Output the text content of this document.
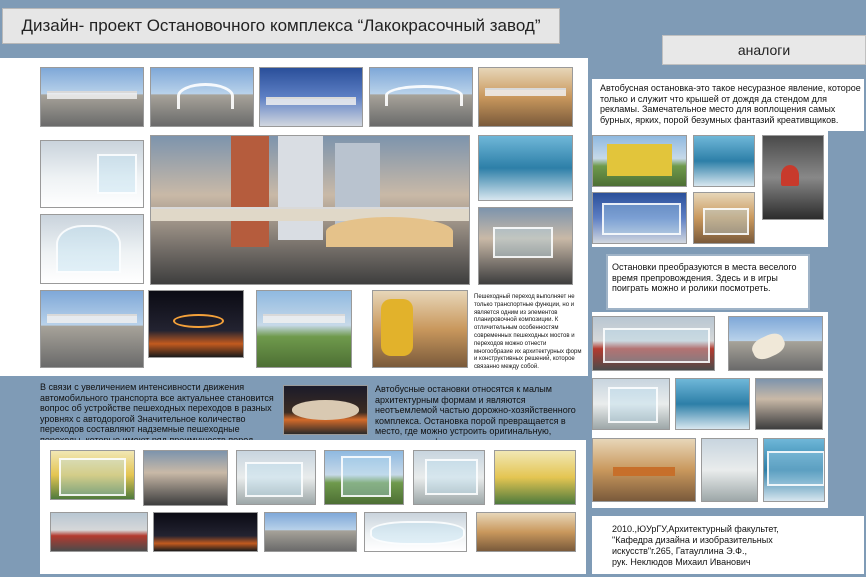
Дизайн- проект Остановочного комплекса “Лакокрасочный завод”
аналоги
Пешеходный переход выполняет не только транспортные функции, но и является одним из элементов планировочной композиции. К отличительным особенностям современных пешеходных мостов и переходов можно отнести многообразие их архитектурных форм и конструктивных решений, которое связанно между собой.
В связи с увеличением интенсивности движения автомобильного транспорта все актуальнее становится вопрос об устройстве пешеходных переходов в разных уровнях с автодорогой Значительное количество переходов составляют надземные пешеходные
Автобусные остановки относятся к малым архитектурным формам и являются неотъемлемой частью дорожно-хозяйственного комплекса. Остановка порой превращается в место, где можно устроить оригинальную,
Автобусная остановка-это такое несуразное явление, которое только и служит что крышей от дождя да стендом для рекламы. Замечательное место для воплощения самых бурных, ярких, порой безумных фантазий креативщиков.
Остановки преобразуются в места веселого время препровождения. Здесь и в игры поиграть можно и ролики посмотреть.
2010.,ЮУрГУ,Архитектурный факультет,
"Кафедра дизайна и изобразительных искусств"г.265, Гатауллина Э.Ф.,
рук. Неклюдов Михаил Иванович
